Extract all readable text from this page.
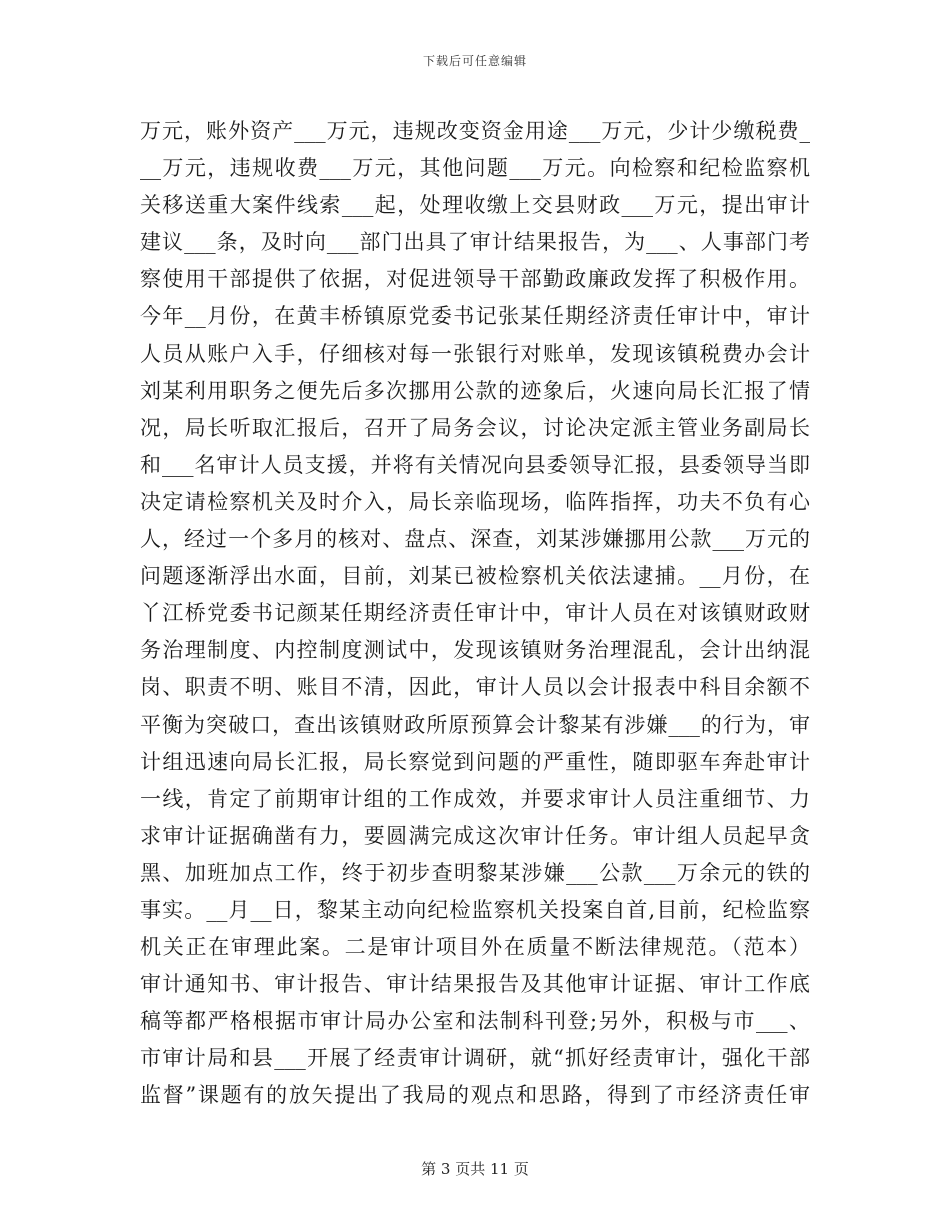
下载后可任意编辑
万元，账外资产___万元，违规改变资金用途___万元，少计少缴税费_
__万元，违规收费___万元，其他问题___万元。向检察和纪检监察机
关移送重大案件线索___起，处理收缴上交县财政___万元，提出审计
建议___条，及时向___部门出具了审计结果报告，为___、人事部门考
察使用干部提供了依据，对促进领导干部勤政廉政发挥了积极作用。
今年__月份，在黄丰桥镇原党委书记张某任期经济责任审计中，审计
人员从账户入手，仔细核对每一张银行对账单，发现该镇税费办会计
刘某利用职务之便先后多次挪用公款的迹象后，火速向局长汇报了情
况，局长听取汇报后，召开了局务会议，讨论决定派主管业务副局长
和___名审计人员支援，并将有关情况向县委领导汇报，县委领导当即
决定请检察机关及时介入，局长亲临现场，临阵指挥，功夫不负有心
人，经过一个多月的核对、盘点、深查，刘某涉嫌挪用公款___万元的
问题逐渐浮出水面，目前，刘某已被检察机关依法逮捕。__月份，在
丫江桥党委书记颜某任期经济责任审计中，审计人员在对该镇财政财
务治理制度、内控制度测试中，发现该镇财务治理混乱，会计出纳混
岗、职责不明、账目不清，因此，审计人员以会计报表中科目余额不
平衡为突破口，查出该镇财政所原预算会计黎某有涉嫌___的行为，审
计组迅速向局长汇报，局长察觉到问题的严重性，随即驱车奔赴审计
一线，肯定了前期审计组的工作成效，并要求审计人员注重细节、力
求审计证据确凿有力，要圆满完成这次审计任务。审计组人员起早贪
黑、加班加点工作，终于初步查明黎某涉嫌___公款___万余元的铁的
事实。__月__日，黎某主动向纪检监察机关投案自首,目前，纪检监察
机关正在审理此案。二是审计项目外在质量不断法律规范。（范本）
审计通知书、审计报告、审计结果报告及其他审计证据、审计工作底
稿等都严格根据市审计局办公室和法制科刊登;另外，积极与市___、
市审计局和县___开展了经责审计调研，就“抓好经责审计，强化干部
监督”课题有的放矢提出了我局的观点和思路，得到了市经济责任审
第 3 页共 11 页
